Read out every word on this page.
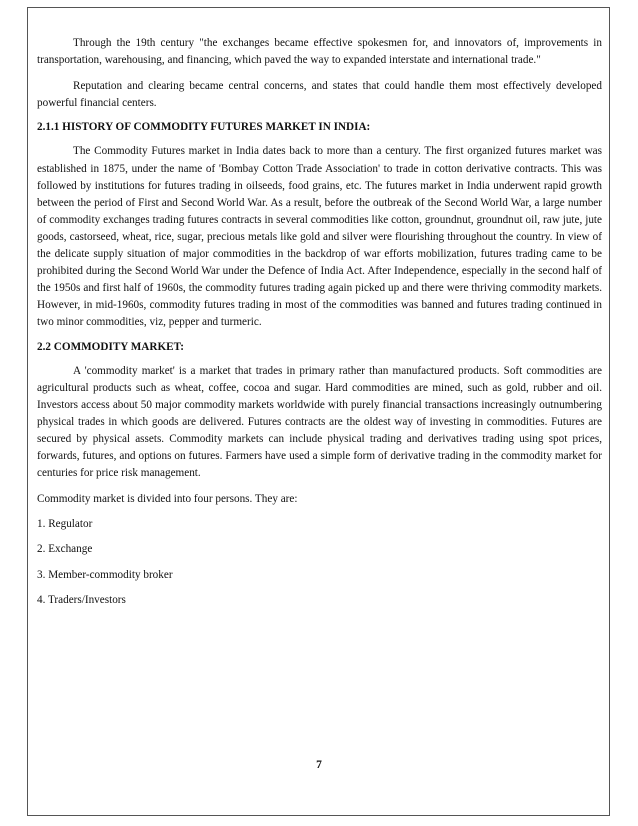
Through the 19th century "the exchanges became effective spokesmen for, and innovators of, improvements in transportation, warehousing, and financing, which paved the way to expanded interstate and international trade."

Reputation and clearing became central concerns, and states that could handle them most effectively developed powerful financial centers.

2.1.1 HISTORY OF COMMODITY FUTURES MARKET IN INDIA:

The Commodity Futures market in India dates back to more than a century. The first organized futures market was established in 1875, under the name of 'Bombay Cotton Trade Association' to trade in cotton derivative contracts. This was followed by institutions for futures trading in oilseeds, food grains, etc. The futures market in India underwent rapid growth between the period of First and Second World War. As a result, before the outbreak of the Second World War, a large number of commodity exchanges trading futures contracts in several commodities like cotton, groundnut, groundnut oil, raw jute, jute goods, castorseed, wheat, rice, sugar, precious metals like gold and silver were flourishing throughout the country. In view of the delicate supply situation of major commodities in the backdrop of war efforts mobilization, futures trading came to be prohibited during the Second World War under the Defence of India Act. After Independence, especially in the second half of the 1950s and first half of 1960s, the commodity futures trading again picked up and there were thriving commodity markets. However, in mid-1960s, commodity futures trading in most of the commodities was banned and futures trading continued in two minor commodities, viz, pepper and turmeric.

2.2 COMMODITY MARKET:

A 'commodity market' is a market that trades in primary rather than manufactured products. Soft commodities are agricultural products such as wheat, coffee, cocoa and sugar. Hard commodities are mined, such as gold, rubber and oil. Investors access about 50 major commodity markets worldwide with purely financial transactions increasingly outnumbering physical trades in which goods are delivered. Futures contracts are the oldest way of investing in commodities. Futures are secured by physical assets. Commodity markets can include physical trading and derivatives trading using spot prices, forwards, futures, and options on futures. Farmers have used a simple form of derivative trading in the commodity market for centuries for price risk management.

Commodity market is divided into four persons. They are:

1. Regulator

2. Exchange

3. Member-commodity broker

4. Traders/Investors

7
